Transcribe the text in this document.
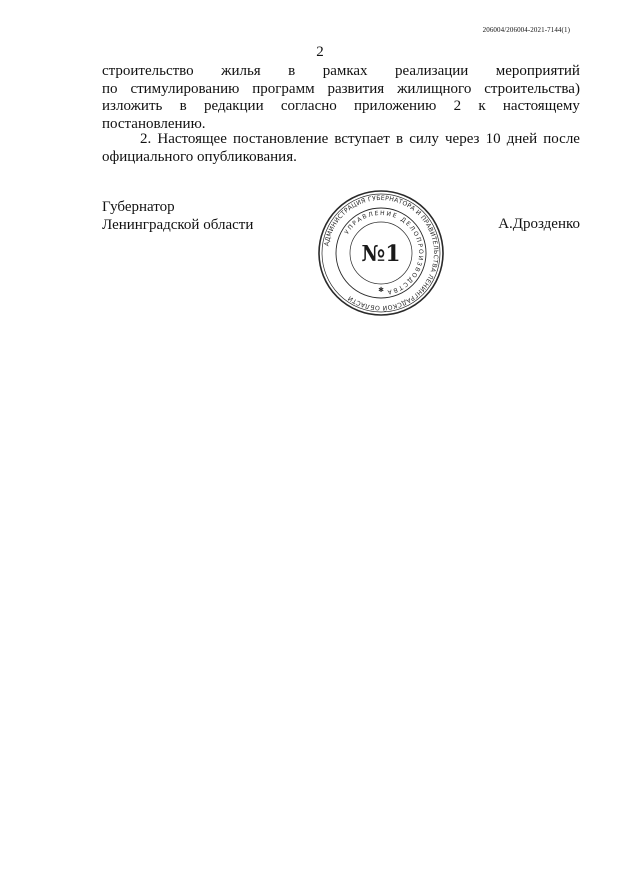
206004/206004-2021-7144(1)
2
строительство жилья в рамках реализации мероприятий
по стимулированию программ развития жилищного строительства)
изложить в редакции согласно приложению 2 к настоящему
постановлению.
2. Настоящее постановление вступает в силу через 10 дней после
официального опубликования.
Губернатор
Ленинградской области	А.Дрозденко
АДМИНИСТРАЦИЯ ГУБЕРНАТОРА И ПРАВИТЕЛЬСТВА ЛЕНИНГРАДСКОЙ ОБЛАСТИ
УПРАВЛЕНИЕ ДЕЛОПРОИЗВОДСТВА
№1
✱
